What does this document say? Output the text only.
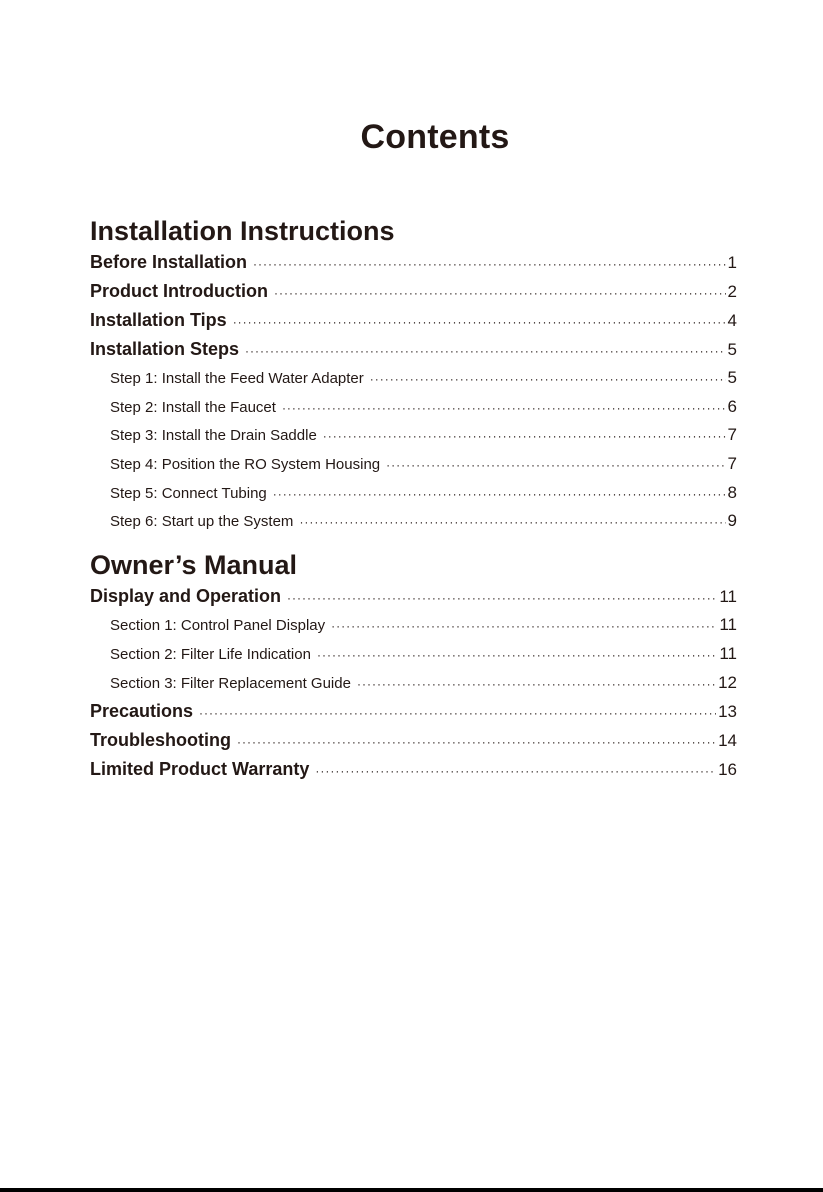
Contents
Installation Instructions
Before Installation ·····	1
Product Introduction ·····	2
Installation Tips ·····	4
Installation Steps ·····	5
Step 1: Install the Feed Water Adapter ·····	5
Step 2: Install the Faucet ·····	6
Step 3: Install the Drain Saddle ·····	7
Step 4: Position the RO System Housing ·····	7
Step 5: Connect Tubing ·····	8
Step 6: Start up the System ·····	9
Owner’s Manual
Display and Operation ·····	11
Section 1: Control Panel Display ·····	11
Section 2: Filter Life Indication ·····	11
Section 3: Filter Replacement Guide ·····	12
Precautions ·····	13
Troubleshooting ·····	14
Limited Product Warranty ·····	16
